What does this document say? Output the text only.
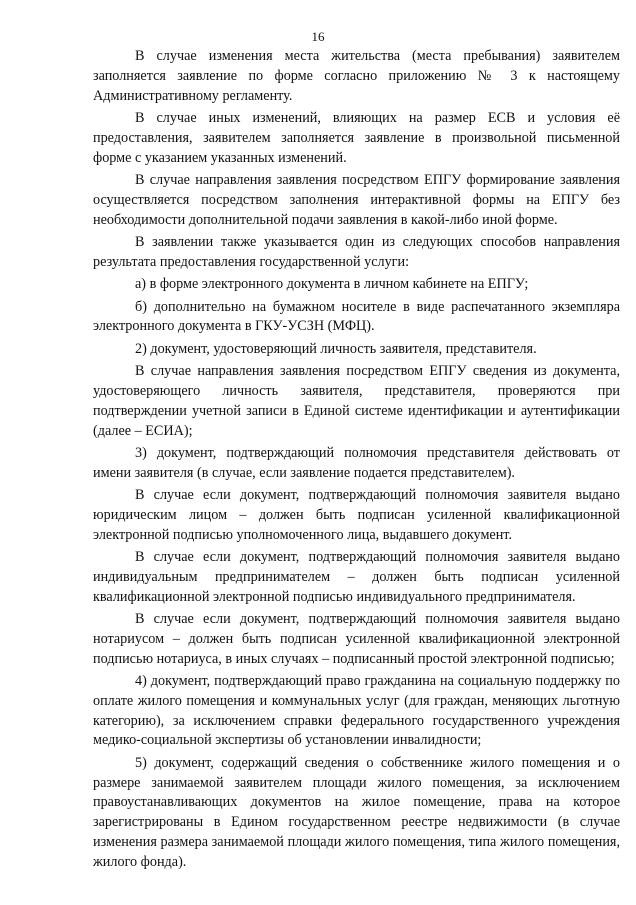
16

В случае изменения места жительства (места пребывания) заявителем заполняется заявление по форме согласно приложению № 3 к настоящему Административному регламенту.

В случае иных изменений, влияющих на размер ЕСВ и условия её предоставления, заявителем заполняется заявление в произвольной письменной форме с указанием указанных изменений.

В случае направления заявления посредством ЕПГУ формирование заявления осуществляется посредством заполнения интерактивной формы на ЕПГУ без необходимости дополнительной подачи заявления в какой-либо иной форме.

В заявлении также указывается один из следующих способов направления результата предоставления государственной услуги:

а) в форме электронного документа в личном кабинете на ЕПГУ;

б) дополнительно на бумажном носителе в виде распечатанного экземпляра электронного документа в ГКУ-УСЗН (МФЦ).

2) документ, удостоверяющий личность заявителя, представителя.

В случае направления заявления посредством ЕПГУ сведения из документа, удостоверяющего личность заявителя, представителя, проверяются при подтверждении учетной записи в Единой системе идентификации и аутентификации (далее – ЕСИА);

3) документ, подтверждающий полномочия представителя действовать от имени заявителя (в случае, если заявление подается представителем).

В случае если документ, подтверждающий полномочия заявителя выдано юридическим лицом – должен быть подписан усиленной квалификационной электронной подписью уполномоченного лица, выдавшего документ.

В случае если документ, подтверждающий полномочия заявителя выдано индивидуальным предпринимателем – должен быть подписан усиленной квалификационной электронной подписью индивидуального предпринимателя.

В случае если документ, подтверждающий полномочия заявителя выдано нотариусом – должен быть подписан усиленной квалификационной электронной подписью нотариуса, в иных случаях – подписанный простой электронной подписью;

4) документ, подтверждающий право гражданина на социальную поддержку по оплате жилого помещения и коммунальных услуг (для граждан, меняющих льготную категорию), за исключением справки федерального государственного учреждения медико-социальной экспертизы об установлении инвалидности;

5) документ, содержащий сведения о собственнике жилого помещения и о размере занимаемой заявителем площади жилого помещения, за исключением правоустанавливающих документов на жилое помещение, права на которое зарегистрированы в Едином государственном реестре недвижимости (в случае изменения размера занимаемой площади жилого помещения, типа жилого помещения, жилого фонда).
